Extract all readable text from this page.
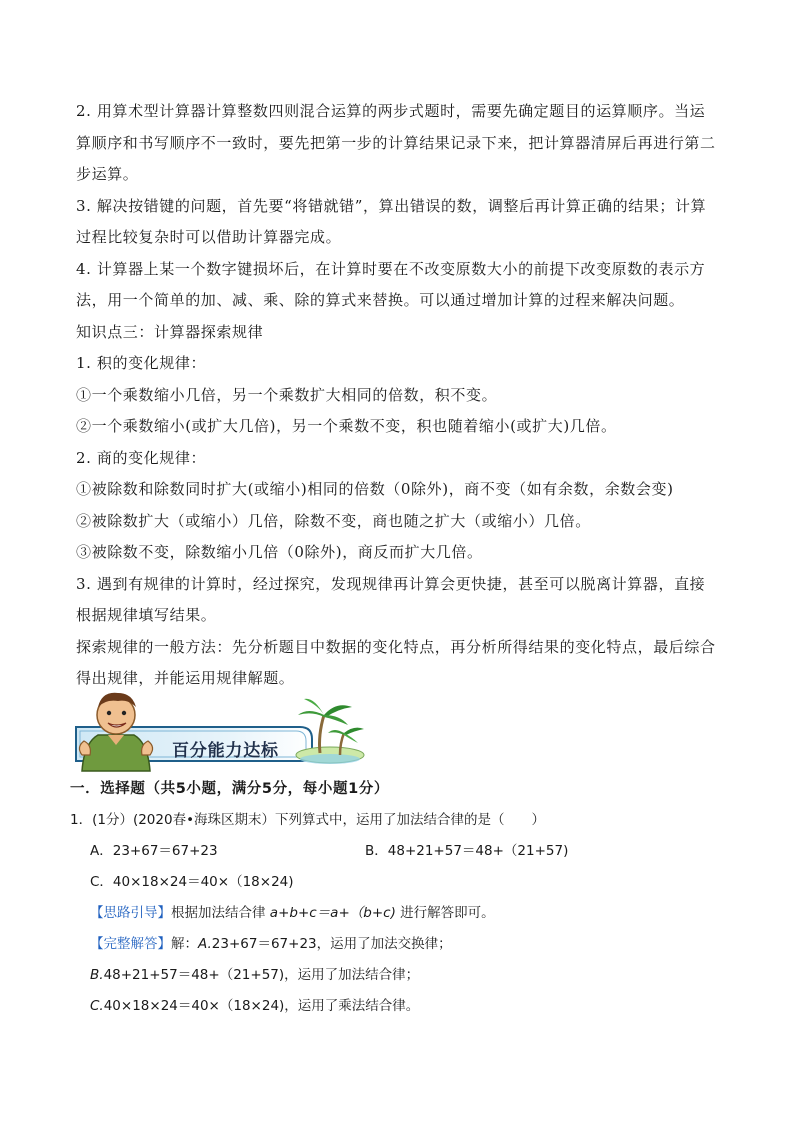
2. 用算术型计算器计算整数四则混合运算的两步式题时，需要先确定题目的运算顺序。当运
算顺序和书写顺序不一致时，要先把第一步的计算结果记录下来，把计算器清屏后再进行第二
步运算。
3. 解决按错键的问题，首先要“将错就错”，算出错误的数，调整后再计算正确的结果；计算
过程比较复杂时可以借助计算器完成。
4. 计算器上某一个数字键损坏后，在计算时要在不改变原数大小的前提下改变原数的表示方
法，用一个简单的加、减、乘、除的算式来替换。可以通过增加计算的过程来解决问题。
知识点三：计算器探索规律
1. 积的变化规律：
①一个乘数缩小几倍，另一个乘数扩大相同的倍数，积不变。
②一个乘数缩小(或扩大几倍)，另一个乘数不变，积也随着缩小(或扩大)几倍。
2. 商的变化规律：
①被除数和除数同时扩大(或缩小)相同的倍数（0除外)，商不变（如有余数，余数会变)
②被除数扩大（或缩小）几倍，除数不变，商也随之扩大（或缩小）几倍。
③被除数不变，除数缩小几倍（0除外)，商反而扩大几倍。
3. 遇到有规律的计算时，经过探究，发现规律再计算会更快捷，甚至可以脱离计算器，直接
根据规律填写结果。
探索规律的一般方法：先分析题目中数据的变化特点，再分析所得结果的变化特点，最后综合
得出规律，并能运用规律解题。
百分能力达标
一．选择题（共5小题，满分5分，每小题1分）
1．(1分）(2020春•海珠区期末）下列算式中，运用了加法结合律的是（　　）
A．23+67＝67+23	B．48+21+57＝48+（21+57)
C．40×18×24＝40×（18×24)
【思路引导】根据加法结合律 a+b+c＝a+（b+c) 进行解答即可。
【完整解答】解：A.23+67＝67+23，运用了加法交换律；
B.48+21+57＝48+（21+57)，运用了加法结合律；
C.40×18×24＝40×（18×24)，运用了乘法结合律。
